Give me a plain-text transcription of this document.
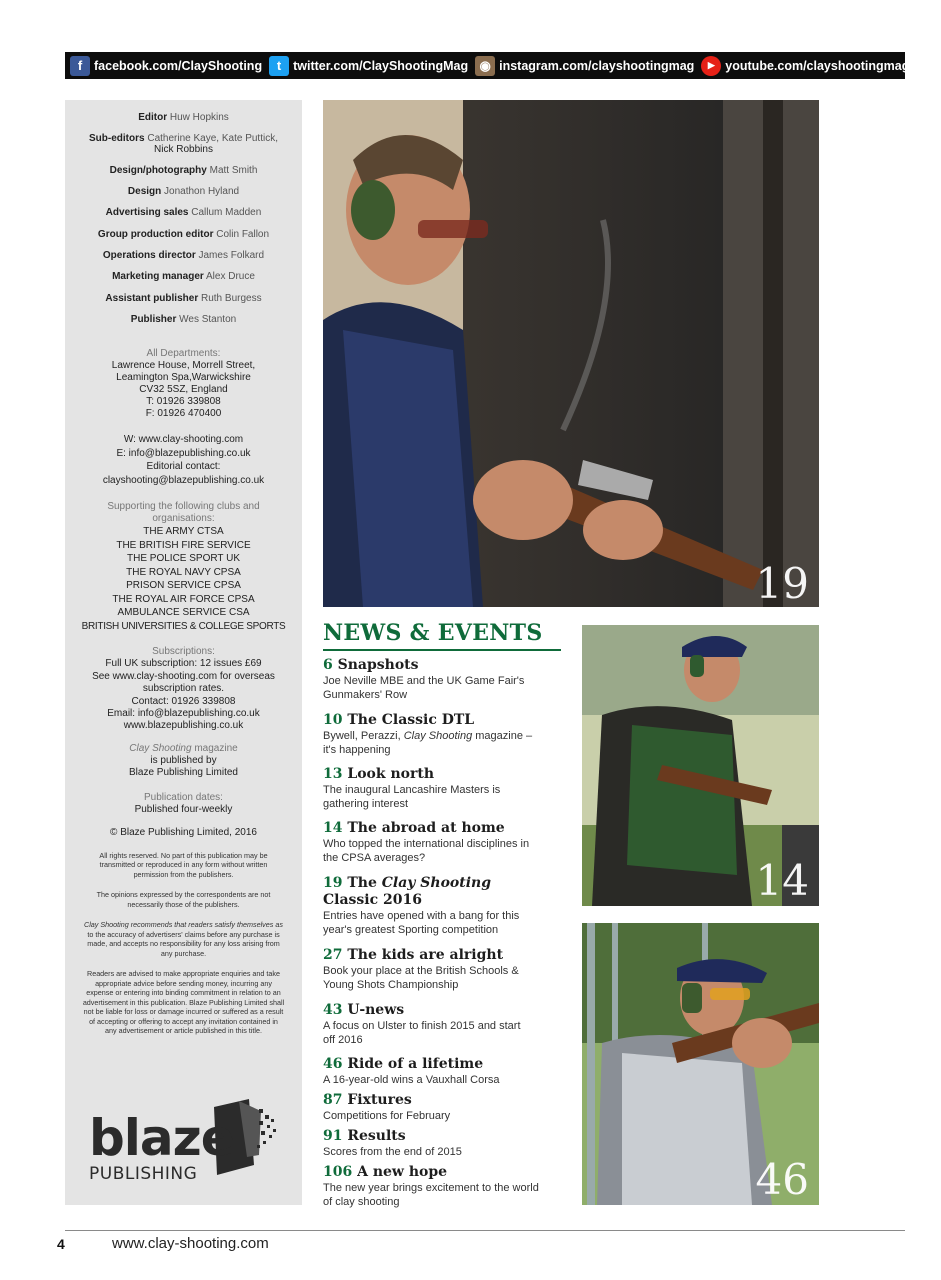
f facebook.com/ClayShooting	t twitter.com/ClayShootingMag ◉ instagram.com/clayshootingmag	▶ youtube.com/clayshootingmagazine
Editor Huw Hopkins
Sub-editors Catherine Kaye, Kate Puttick,
Nick Robbins
Design/photography Matt Smith
Design Jonathon Hyland
Advertising sales Callum Madden
Group production editor Colin Fallon
Operations director James Folkard
Marketing manager Alex Druce
Assistant publisher Ruth Burgess
Publisher Wes Stanton
All Departments:
Lawrence House, Morrell Street,
Leamington Spa,Warwickshire
CV32 5SZ, England
T: 01926 339808
F: 01926 470400
W: www.clay-shooting.com
E: info@blazepublishing.co.uk
Editorial contact:
clayshooting@blazepublishing.co.uk
Supporting the following clubs and
organisations:
THE ARMY CTSA
THE BRITISH FIRE SERVICE
THE POLICE SPORT UK
THE ROYAL NAVY CPSA
PRISON SERVICE CPSA
THE ROYAL AIR FORCE CPSA
AMBULANCE SERVICE CSA
BRITISH UNIVERSITIES & COLLEGE SPORTS
Subscriptions:
Full UK subscription: 12 issues £69
See www.clay-shooting.com for overseas
subscription rates.
Contact: 01926 339808
Email: info@blazepublishing.co.uk
www.blazepublishing.co.uk
Clay Shooting magazine
is published by
Blaze Publishing Limited
Publication dates:
Published four-weekly
© Blaze Publishing Limited, 2016
All rights reserved. No part of this publication may be
transmitted or reproduced in any form without written
permission from the publishers.
The opinions expressed by the correspondents are not
necessarily those of the publishers.
Clay Shooting recommends that readers satisfy themselves as
to the accuracy of advertisers' claims before any purchase is
made, and accepts no responsibility for any loss arising from
any purchase.
Readers are advised to make appropriate enquiries and take
appropriate advice before sending money, incurring any
expense or entering into binding commitment in relation to an
advertisement in this publication. Blaze Publishing Limited shall
not be liable for loss or damage incurred or suffered as a result
of accepting or offering to accept any invitation contained in
any advertisement or article published in this title.
blaze
PUBLISHING
19
14
46
NEWS & EVENTS
6 Snapshots
Joe Neville MBE and the UK Game Fair's
Gunmakers' Row
10 The Classic DTL
Bywell, Perazzi, Clay Shooting magazine –
it's happening
13 Look north
The inaugural Lancashire Masters is
gathering interest
14 The abroad at home
Who topped the international disciplines in
the CPSA averages?
19 The Clay Shooting
Classic 2016
Entries have opened with a bang for this
year's greatest Sporting competition
27 The kids are alright
Book your place at the British Schools &
Young Shots Championship
43 U-news
A focus on Ulster to finish 2015 and start
off 2016
46 Ride of a lifetime
A 16-year-old wins a Vauxhall Corsa
87 Fixtures
Competitions for February
91 Results
Scores from the end of 2015
106 A new hope
The new year brings excitement to the world
of clay shooting
4	www.clay-shooting.com
